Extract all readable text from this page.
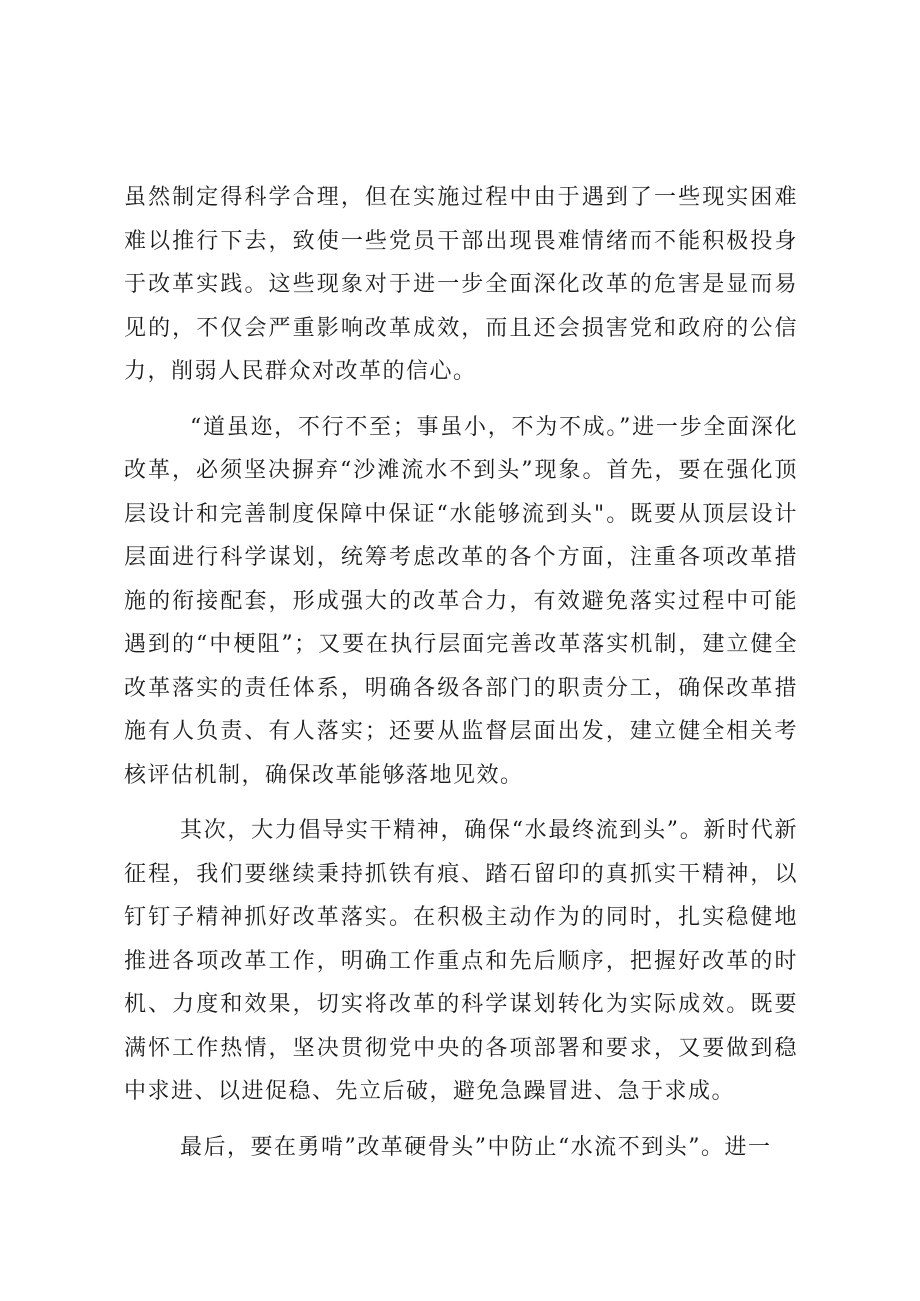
虽然制定得科学合理，但在实施过程中由于遇到了一些现实困难难以推行下去，致使一些党员干部出现畏难情绪而不能积极投身于改革实践。这些现象对于进一步全面深化改革的危害是显而易见的，不仅会严重影响改革成效，而且还会损害党和政府的公信力，削弱人民群众对改革的信心。

“道虽迩，不行不至；事虽小，不为不成。”进一步全面深化改革，必须坚决摒弃“沙滩流水不到头”现象。首先，要在强化顶层设计和完善制度保障中保证“水能够流到头"。既要从顶层设计层面进行科学谋划，统筹考虑改革的各个方面，注重各项改革措施的衔接配套，形成强大的改革合力，有效避免落实过程中可能遇到的“中梗阻”；又要在执行层面完善改革落实机制，建立健全改革落实的责任体系，明确各级各部门的职责分工，确保改革措施有人负责、有人落实；还要从监督层面出发，建立健全相关考核评估机制，确保改革能够落地见效。

其次，大力倡导实干精神，确保“水最终流到头”。新时代新征程，我们要继续秉持抓铁有痕、踏石留印的真抓实干精神，以钉钉子精神抓好改革落实。在积极主动作为的同时，扎实稳健地推进各项改革工作，明确工作重点和先后顺序，把握好改革的时机、力度和效果，切实将改革的科学谋划转化为实际成效。既要满怀工作热情，坚决贯彻党中央的各项部署和要求，又要做到稳中求进、以进促稳、先立后破，避免急躁冒进、急于求成。

最后，要在勇啃”改革硬骨头”中防止“水流不到头”。进一
